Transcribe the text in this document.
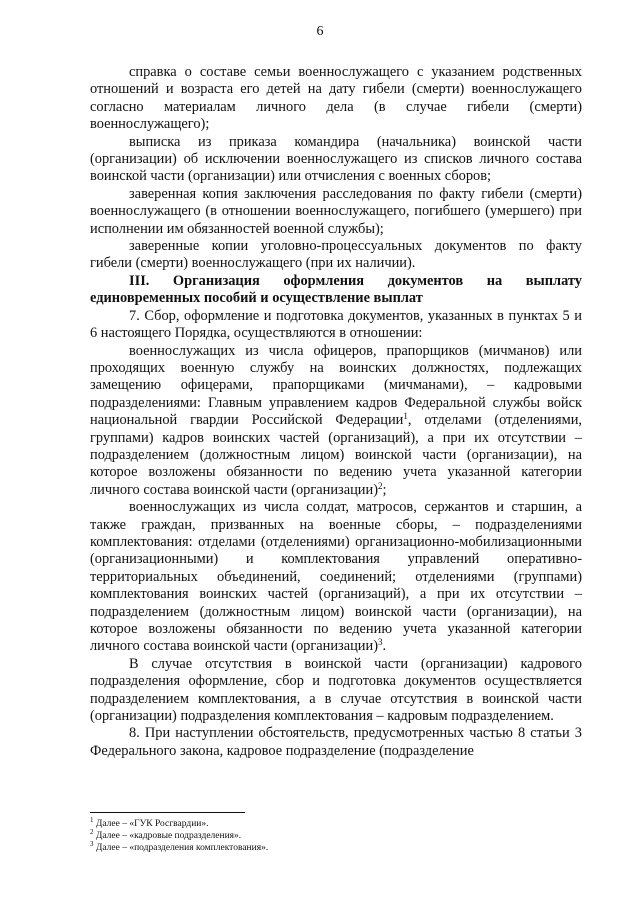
6

справка о составе семьи военнослужащего с указанием родственных отношений и возраста его детей на дату гибели (смерти) военнослужащего согласно материалам личного дела (в случае гибели (смерти) военнослужащего);

выписка из приказа командира (начальника) воинской части (организации) об исключении военнослужащего из списков личного состава воинской части (организации) или отчисления с военных сборов;

заверенная копия заключения расследования по факту гибели (смерти) военнослужащего (в отношении военнослужащего, погибшего (умершего) при исполнении им обязанностей военной службы);

заверенные копии уголовно-процессуальных документов по факту гибели (смерти) военнослужащего (при их наличии).

III. Организация оформления документов на выплату единовременных пособий и осуществление выплат

7. Сбор, оформление и подготовка документов, указанных в пунктах 5 и 6 настоящего Порядка, осуществляются в отношении:

военнослужащих из числа офицеров, прапорщиков (мичманов) или проходящих военную службу на воинских должностях, подлежащих замещению офицерами, прапорщиками (мичманами), – кадровыми подразделениями: Главным управлением кадров Федеральной службы войск национальной гвардии Российской Федерации$^1$, отделами (отделениями, группами) кадров воинских частей (организаций), а при их отсутствии – подразделением (должностным лицом) воинской части (организации), на которое возложены обязанности по ведению учета указанной категории личного состава воинской части (организации)$^2$;

военнослужащих из числа солдат, матросов, сержантов и старшин, а также граждан, призванных на военные сборы, – подразделениями комплектования: отделами (отделениями) организационно-мобилизационными (организационными) и комплектования управлений оперативно-территориальных объединений, соединений; отделениями (группами) комплектования воинских частей (организаций), а при их отсутствии – подразделением (должностным лицом) воинской части (организации), на которое возложены обязанности по ведению учета указанной категории личного состава воинской части (организации)$^3$.

В случае отсутствия в воинской части (организации) кадрового подразделения оформление, сбор и подготовка документов осуществляется подразделением комплектования, а в случае отсутствия в воинской части (организации) подразделения комплектования – кадровым подразделением.

8. При наступлении обстоятельств, предусмотренных частью 8 статьи 3 Федерального закона, кадровое подразделение (подразделение

$^1$ Далее – «ГУК Росгвардии».
$^2$ Далее – «кадровые подразделения».
$^3$ Далее – «подразделения комплектования».
